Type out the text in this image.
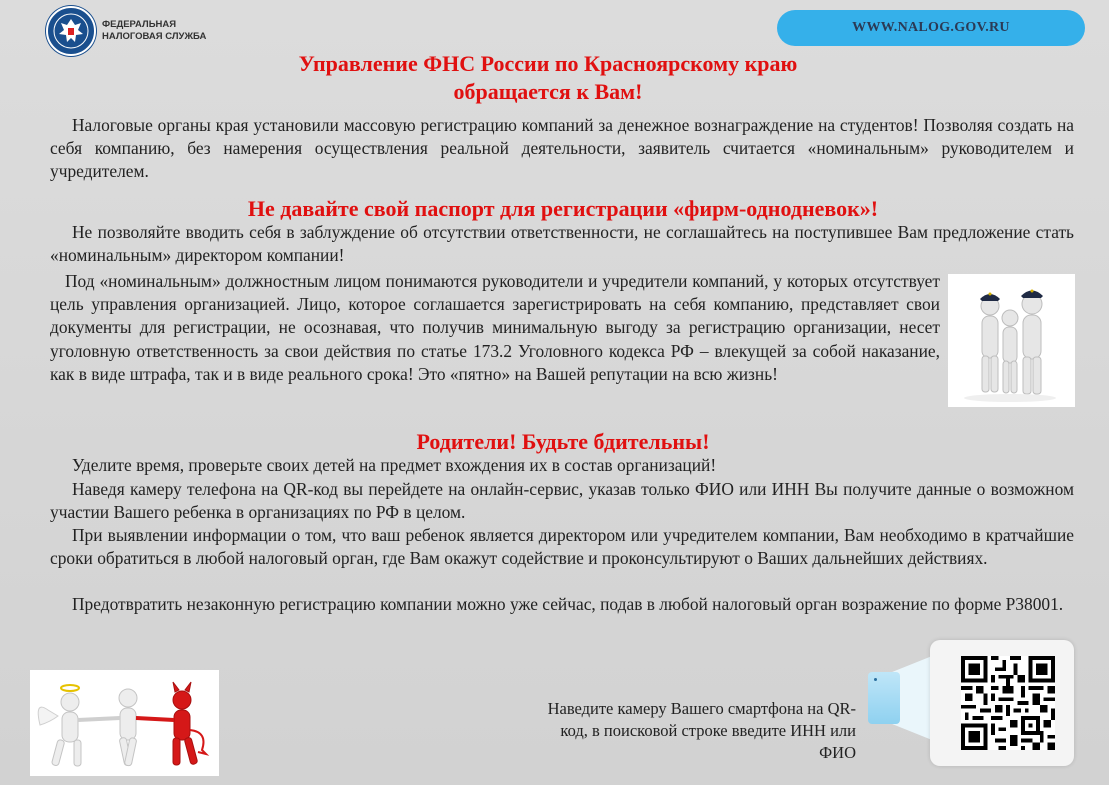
ФЕДЕРАЛЬНАЯ
НАЛОГОВАЯ СЛУЖБА
WWW.NALOG.GOV.RU
Управление ФНС России по Красноярскому краю
обращается к Вам!
Налоговые органы края установили массовую регистрацию компаний за денежное вознаграждение на студентов! Позволяя создать на себя компанию, без намерения осуществления реальной деятельности, заявитель считается «номинальным» руководителем и учредителем.
Не давайте свой паспорт для регистрации «фирм-однодневок»!
Не позволяйте вводить себя в заблуждение об отсутствии ответственности, не соглашайтесь на поступившее Вам предложение стать «номинальным» директором компании!
Под «номинальным» должностным лицом понимаются руководители и учредители компаний, у которых отсутствует цель управления организацией. Лицо, которое соглашается зарегистрировать на себя компанию, представляет свои документы для регистрации, не осознавая, что получив минимальную выгоду за регистрацию организации, несет уголовную ответственность за свои действия по статье 173.2 Уголовного кодекса РФ – влекущей за собой наказание, как в виде штрафа, так и в виде реального срока! Это «пятно» на Вашей репутации на всю жизнь!
Родители! Будьте бдительны!
Уделите время, проверьте своих детей на предмет вхождения их в состав организаций!
Наведя камеру телефона на QR-код вы перейдете на онлайн-сервис, указав только ФИО или ИНН Вы получите данные о возможном участии Вашего ребенка в организациях по РФ в целом.
При выявлении информации о том, что ваш ребенок является директором или учредителем компании, Вам необходимо в кратчайшие сроки обратиться в любой налоговый орган, где Вам окажут содействие и проконсультируют о Ваших дальнейших действиях.
Предотвратить незаконную регистрацию компании можно уже сейчас, подав в любой налоговый орган возражение по форме Р38001.
Наведите камеру Вашего смартфона на QR-
код, в поисковой строке введите ИНН или
ФИО
